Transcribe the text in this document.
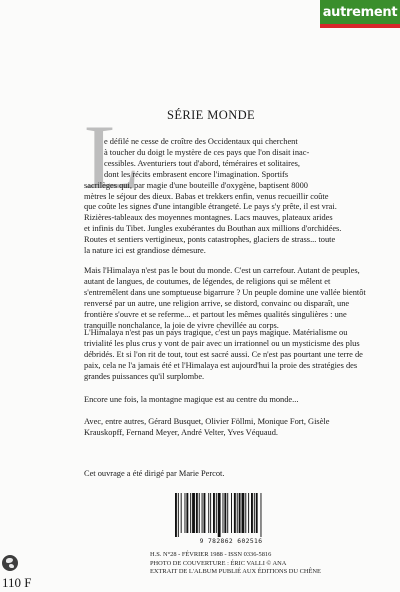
autrement
SÉRIE MONDE
L
e défilé ne cesse de croître des Occidentaux qui cherchent
à toucher du doigt le mystère de ces pays que l'on disait inac-
cessibles. Aventuriers tout d'abord, téméraires et solitaires,
dont les récits embrasent encore l'imagination. Sportifs
sacrilèges qui, par magie d'une bouteille d'oxygène, baptisent 8000
mètres le séjour des dieux. Babas et trekkers enfin, venus recueillir coûte
que coûte les signes d'une intangible étrangeté. Le pays s'y prête, il est vrai.
Rizières-tableaux des moyennes montagnes. Lacs mauves, plateaux arides
et infinis du Tibet. Jungles exubérantes du Bouthan aux millions d'orchidées.
Routes et sentiers vertigineux, ponts catastrophes, glaciers de strass... toute
la nature ici est grandiose démesure.

Mais l'Himalaya n'est pas le bout du monde. C'est un carrefour. Autant de peuples, autant de langues, de coutumes, de légendes, de religions qui se mêlent et s'entremêlent dans une somptueuse bigarrure ? Un peuple domine une vallée bientôt renversé par un autre, une religion arrive, se distord, convainc ou disparaît, une frontière s'ouvre et se referme... et partout les mêmes qualités singulières : une tranquille nonchalance, la joie de vivre chevillée au corps.

L'Himalaya n'est pas un pays tragique, c'est un pays magique. Matérialisme ou trivialité les plus crus y vont de pair avec un irrationnel ou un mysticisme des plus débridés. Et si l'on rit de tout, tout est sacré aussi. Ce n'est pas pourtant une terre de paix, cela ne l'a jamais été et l'Himalaya est aujourd'hui la proie des stratégies des grandes puissances qu'il surplombe.

Encore une fois, la montagne magique est au centre du monde...

Avec, entre autres, Gérard Busquet, Olivier Föllmi, Monique Fort, Gisèle Krauskopff, Fernand Meyer, André Velter, Yves Véquaud.

Cet ouvrage a été dirigé par Marie Percot.

9 782862 602516
H.S. N°28 - FÉVRIER 1988 - ISSN 0336-5816
PHOTO DE COUVERTURE : ÉRIC VALLI © ANA
EXTRAIT DE L'ALBUM PUBLIÉ AUX ÉDITIONS DU CHÊNE
110 F
